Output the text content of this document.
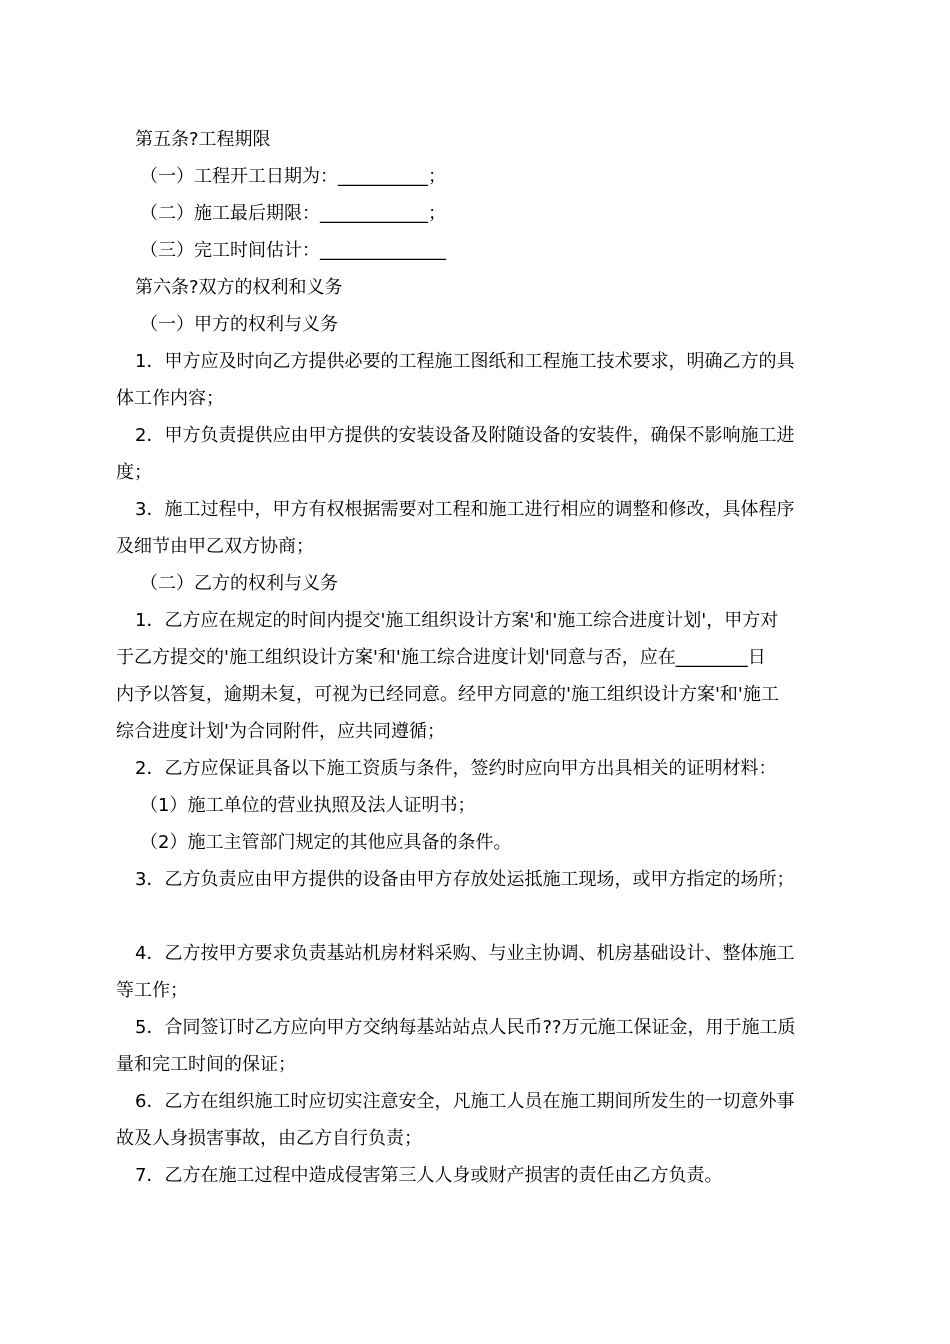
第五条?工程期限

（一）工程开工日期为：__________；

（二）施工最后期限：____________；

（三）完工时间估计：______________

第六条?双方的权利和义务

（一）甲方的权利与义务

1．甲方应及时向乙方提供必要的工程施工图纸和工程施工技术要求，明确乙方的具

体工作内容；

2．甲方负责提供应由甲方提供的安装设备及附随设备的安装件，确保不影响施工进

度；

3．施工过程中，甲方有权根据需要对工程和施工进行相应的调整和修改，具体程序

及细节由甲乙双方协商；

（二）乙方的权利与义务

1．乙方应在规定的时间内提交'施工组织设计方案'和'施工综合进度计划'，甲方对

于乙方提交的'施工组织设计方案'和'施工综合进度计划'同意与否，应在________日

内予以答复，逾期未复，可视为已经同意。经甲方同意的'施工组织设计方案'和'施工

综合进度计划'为合同附件，应共同遵循；

2．乙方应保证具备以下施工资质与条件，签约时应向甲方出具相关的证明材料：

（1）施工单位的营业执照及法人证明书；

（2）施工主管部门规定的其他应具备的条件。

3．乙方负责应由甲方提供的设备由甲方存放处运抵施工现场，或甲方指定的场所；

4．乙方按甲方要求负责基站机房材料采购、与业主协调、机房基础设计、整体施工

等工作；

5．合同签订时乙方应向甲方交纳每基站站点人民币??万元施工保证金，用于施工质

量和完工时间的保证；

6．乙方在组织施工时应切实注意安全，凡施工人员在施工期间所发生的一切意外事

故及人身损害事故，由乙方自行负责；

7．乙方在施工过程中造成侵害第三人人身或财产损害的责任由乙方负责。
